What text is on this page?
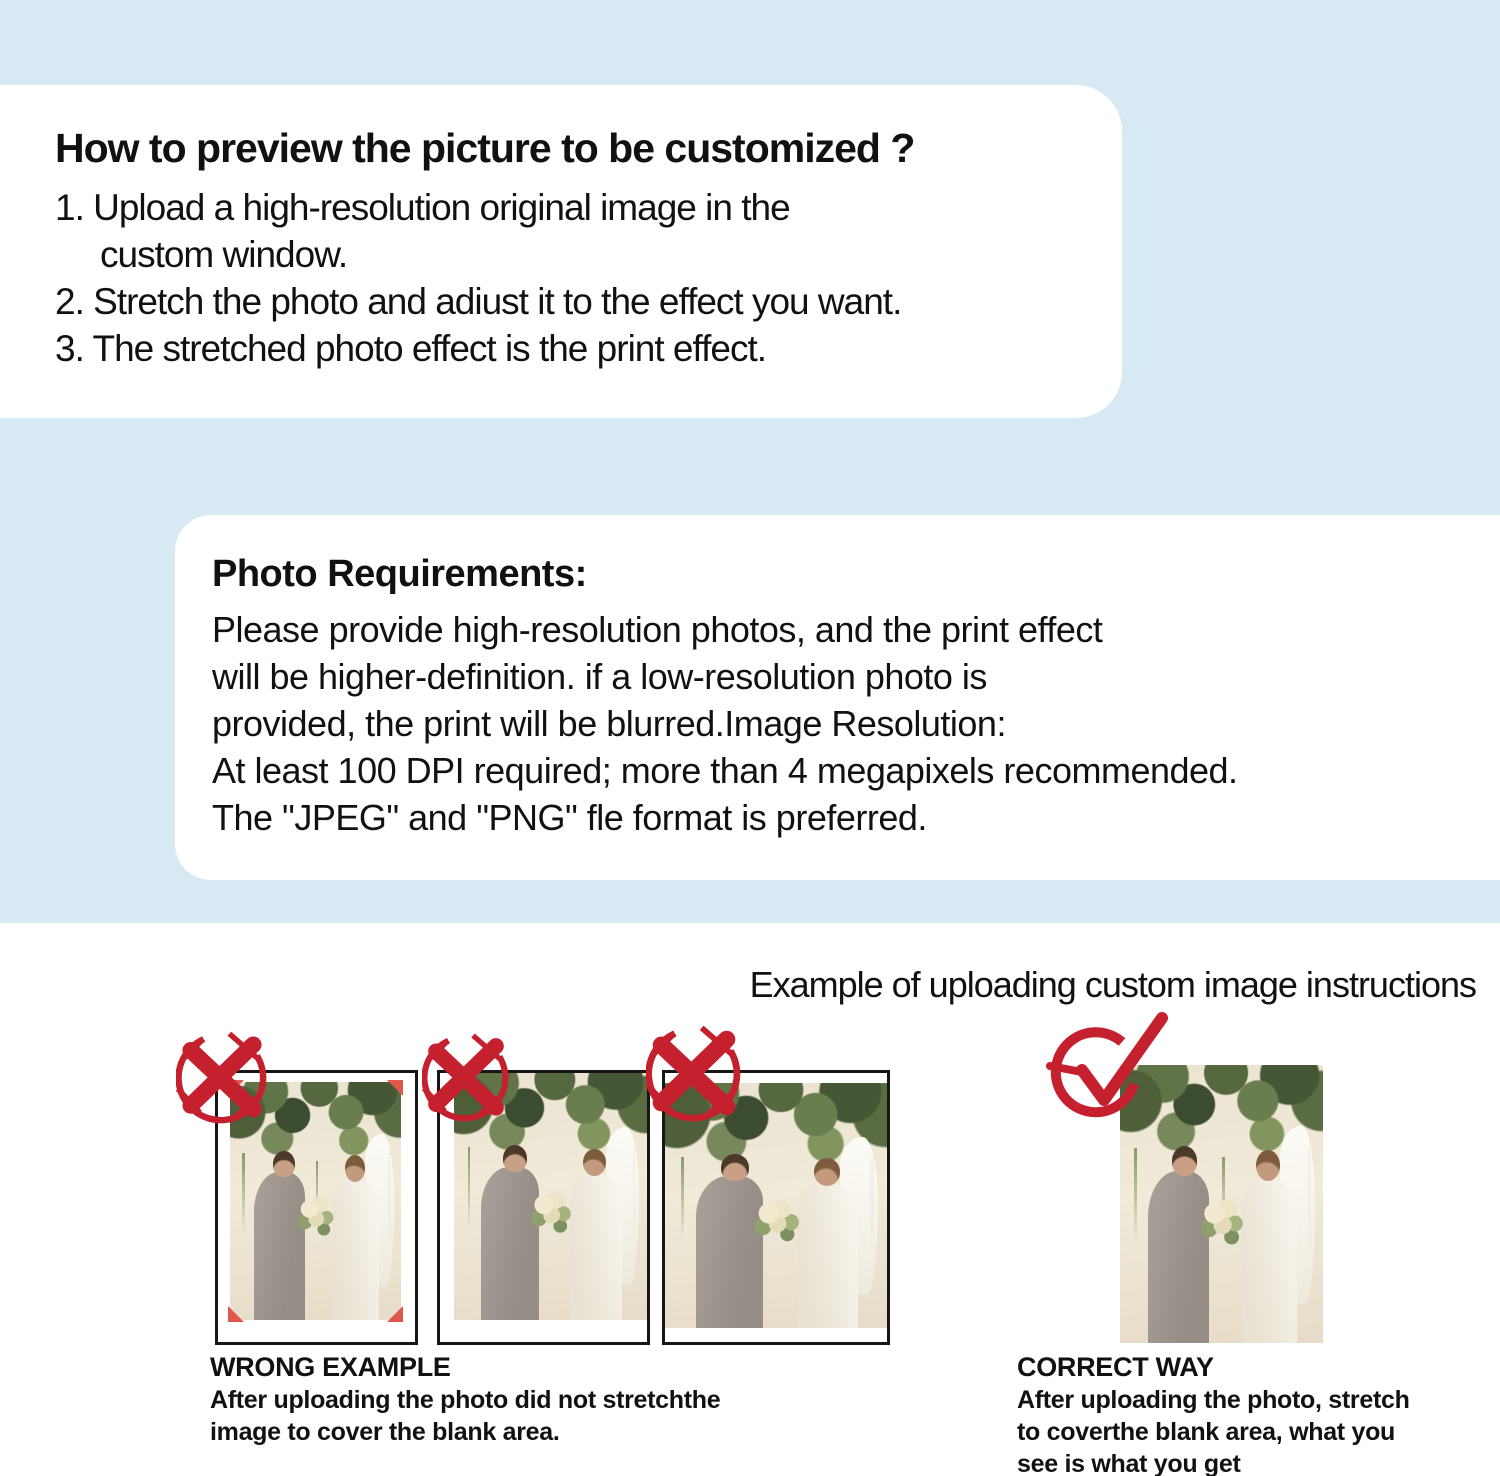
How to preview the picture to be customized ?
1. Upload a high-resolution original image in the
custom window.
2. Stretch the photo and adiust it to the effect you want.
3. The stretched photo effect is the print effect.
Photo Requirements:
Please provide high-resolution photos, and the print effect
will be higher-definition. if a low-resolution photo is
provided, the print will be blurred.Image Resolution:
At least 100 DPI required; more than 4 megapixels recommended.
The "JPEG" and "PNG" fle format is preferred.
Example of uploading custom image instructions
WRONG EXAMPLE
After uploading the photo did not stretchthe
image to cover the blank area.
CORRECT WAY
After uploading the photo, stretch
to coverthe blank area, what you
see is what you get
